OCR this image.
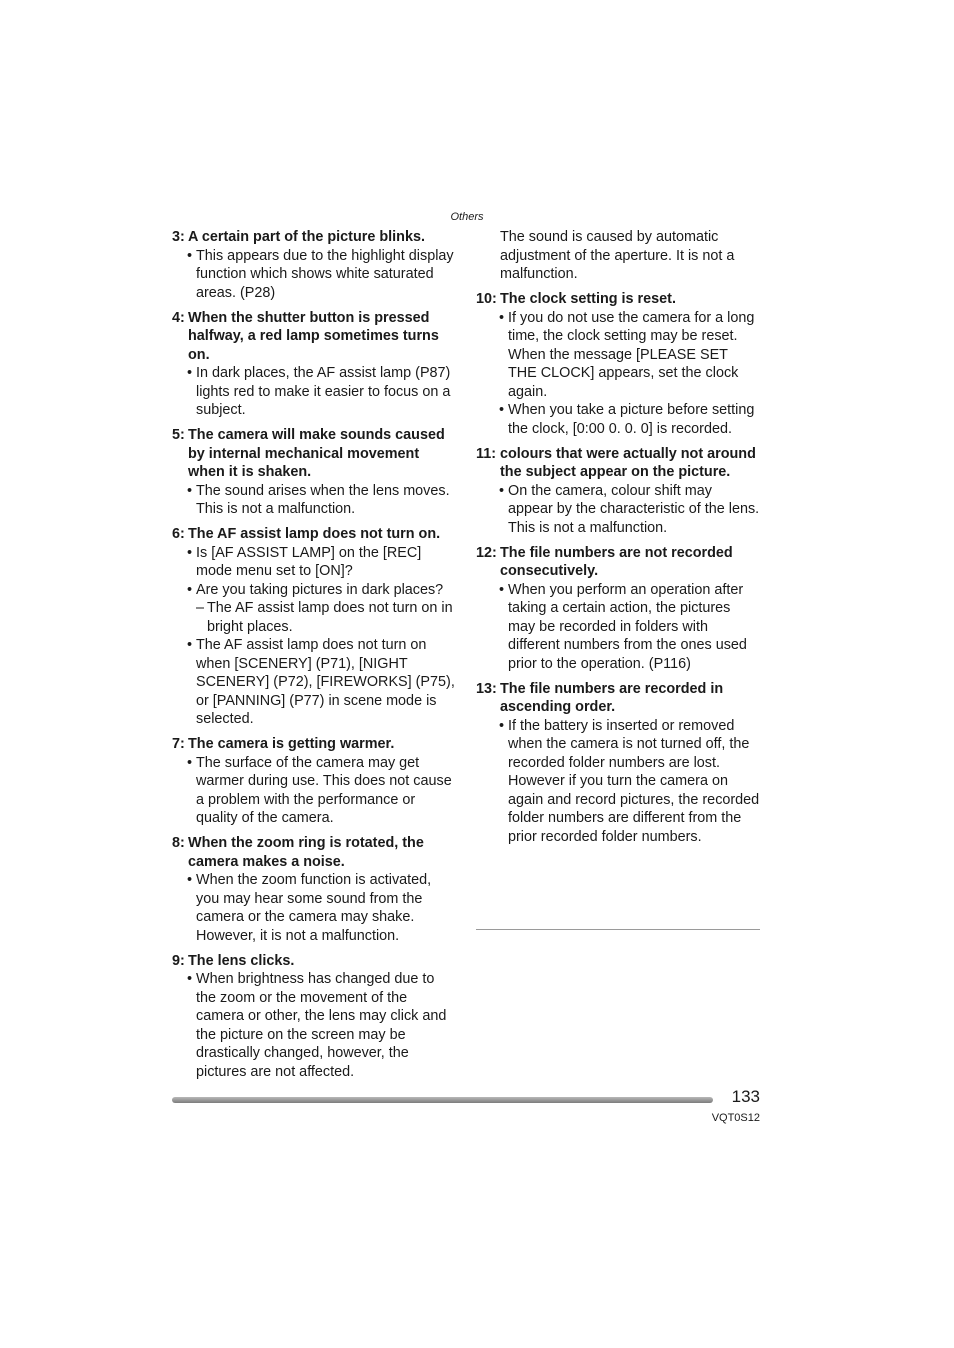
Others
3: A certain part of the picture blinks.
• This appears due to the highlight display function which shows white saturated areas. (P28)
4: When the shutter button is pressed halfway, a red lamp sometimes turns on.
• In dark places, the AF assist lamp (P87) lights red to make it easier to focus on a subject.
5: The camera will make sounds caused by internal mechanical movement when it is shaken.
• The sound arises when the lens moves. This is not a malfunction.
6: The AF assist lamp does not turn on.
• Is [AF ASSIST LAMP] on the [REC] mode menu set to [ON]?
• Are you taking pictures in dark places?
– The AF assist lamp does not turn on in bright places.
• The AF assist lamp does not turn on when [SCENERY] (P71), [NIGHT SCENERY] (P72), [FIREWORKS] (P75), or [PANNING] (P77) in scene mode is selected.
7: The camera is getting warmer.
• The surface of the camera may get warmer during use. This does not cause a problem with the performance or quality of the camera.
8: When the zoom ring is rotated, the camera makes a noise.
• When the zoom function is activated, you may hear some sound from the camera or the camera may shake. However, it is not a malfunction.
9: The lens clicks.
• When brightness has changed due to the zoom or the movement of the camera or other, the lens may click and the picture on the screen may be drastically changed, however, the pictures are not affected.
The sound is caused by automatic adjustment of the aperture. It is not a malfunction.
10: The clock setting is reset.
• If you do not use the camera for a long time, the clock setting may be reset. When the message [PLEASE SET THE CLOCK] appears, set the clock again.
• When you take a picture before setting the clock, [0:00 0. 0. 0] is recorded.
11: colours that were actually not around the subject appear on the picture.
• On the camera, colour shift may appear by the characteristic of the lens. This is not a malfunction.
12: The file numbers are not recorded consecutively.
• When you perform an operation after taking a certain action, the pictures may be recorded in folders with different numbers from the ones used prior to the operation. (P116)
13: The file numbers are recorded in ascending order.
• If the battery is inserted or removed when the camera is not turned off, the recorded folder numbers are lost. However if you turn the camera on again and record pictures, the recorded folder numbers are different from the prior recorded folder numbers.
133
VQT0S12
